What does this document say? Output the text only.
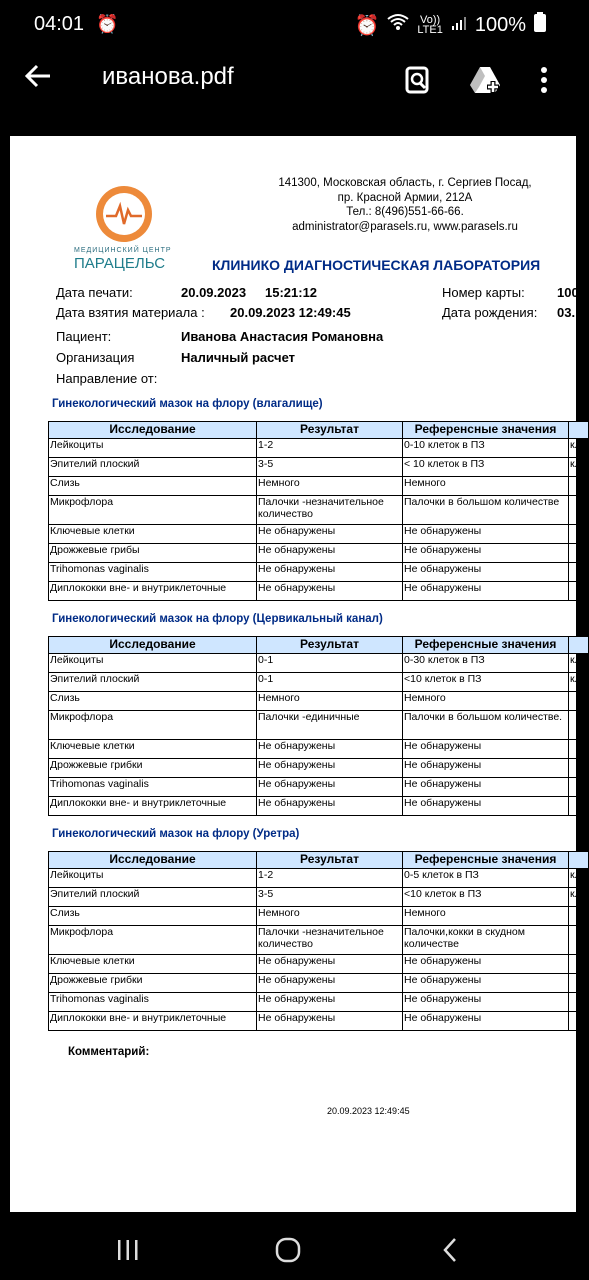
04:01 ⏰	⏰	Vo))
LTE1 100%
иванова.pdf
141300, Московская область, г. Сергиев Посад,
пр. Красной Армии, 212А
Тел.: 8(496)551-66-66.
administrator@parasels.ru, www.parasels.ru
МЕДИЦИНСКИЙ ЦЕНТР
ПАРАЦЕЛЬС	КЛИНИКО ДИАГНОСТИЧЕСКАЯ ЛАБОРАТОРИЯ
Дата печати:	20.09.2023 15:21:12	Номер карты: 100
Дата взятия материала : 20.09.2023 12:49:45	Дата рождения: 03.
Пациент:	Иванова Анастасия Романовна
Организация	Наличный расчет
Направление от:
Гинекологический мазок на флору (влагалище)
Исследование	Результат	Референсные значения	
Лейкоциты	1-2	0-10 клеток в ПЗ	кл
Эпителий плоский	3-5	< 10 клеток в ПЗ	кл
Слизь	Немного	Немного	
Микрофлора	Палочки -незначительное количество	Палочки в большом количестве	
Ключевые клетки	Не обнаружены	Не обнаружены	
Дрожжевые грибы	Не обнаружены	Не обнаружены	
Trihomonas vaginalis	Не обнаружены	Не обнаружены	
Диплококки вне- и внутриклеточные	Не обнаружены	Не обнаружены	
Гинекологический мазок на флору (Цервикальный канал)
Исследование	Результат	Референсные значения	
Лейкоциты	0-1	0-30 клеток в ПЗ	кл
Эпителий плоский	0-1	<10 клеток в ПЗ	кл
Слизь	Немного	Немного	
Микрофлора	Палочки -единичные	Палочки в большом количестве.	
Ключевые клетки	Не обнаружены	Не обнаружены	
Дрожжевые грибки	Не обнаружены	Не обнаружены	
Trihomonas vaginalis	Не обнаружены	Не обнаружены	
Диплококки вне- и внутриклеточные	Не обнаружены	Не обнаружены	
Гинекологический мазок на флору (Уретра)
Исследование	Результат	Референсные значения	
Лейкоциты	1-2	0-5 клеток в ПЗ	кл
Эпителий плоский	3-5	<10 клеток в ПЗ	кл
Слизь	Немного	Немного	
Микрофлора	Палочки -незначительное количество	Палочки,кокки в скудном количестве	
Ключевые клетки	Не обнаружены	Не обнаружены	
Дрожжевые грибки	Не обнаружены	Не обнаружены	
Trihomonas vaginalis	Не обнаружены	Не обнаружены	
Диплококки вне- и внутриклеточные	Не обнаружены	Не обнаружены	
Комментарий:
20.09.2023 12:49:45
